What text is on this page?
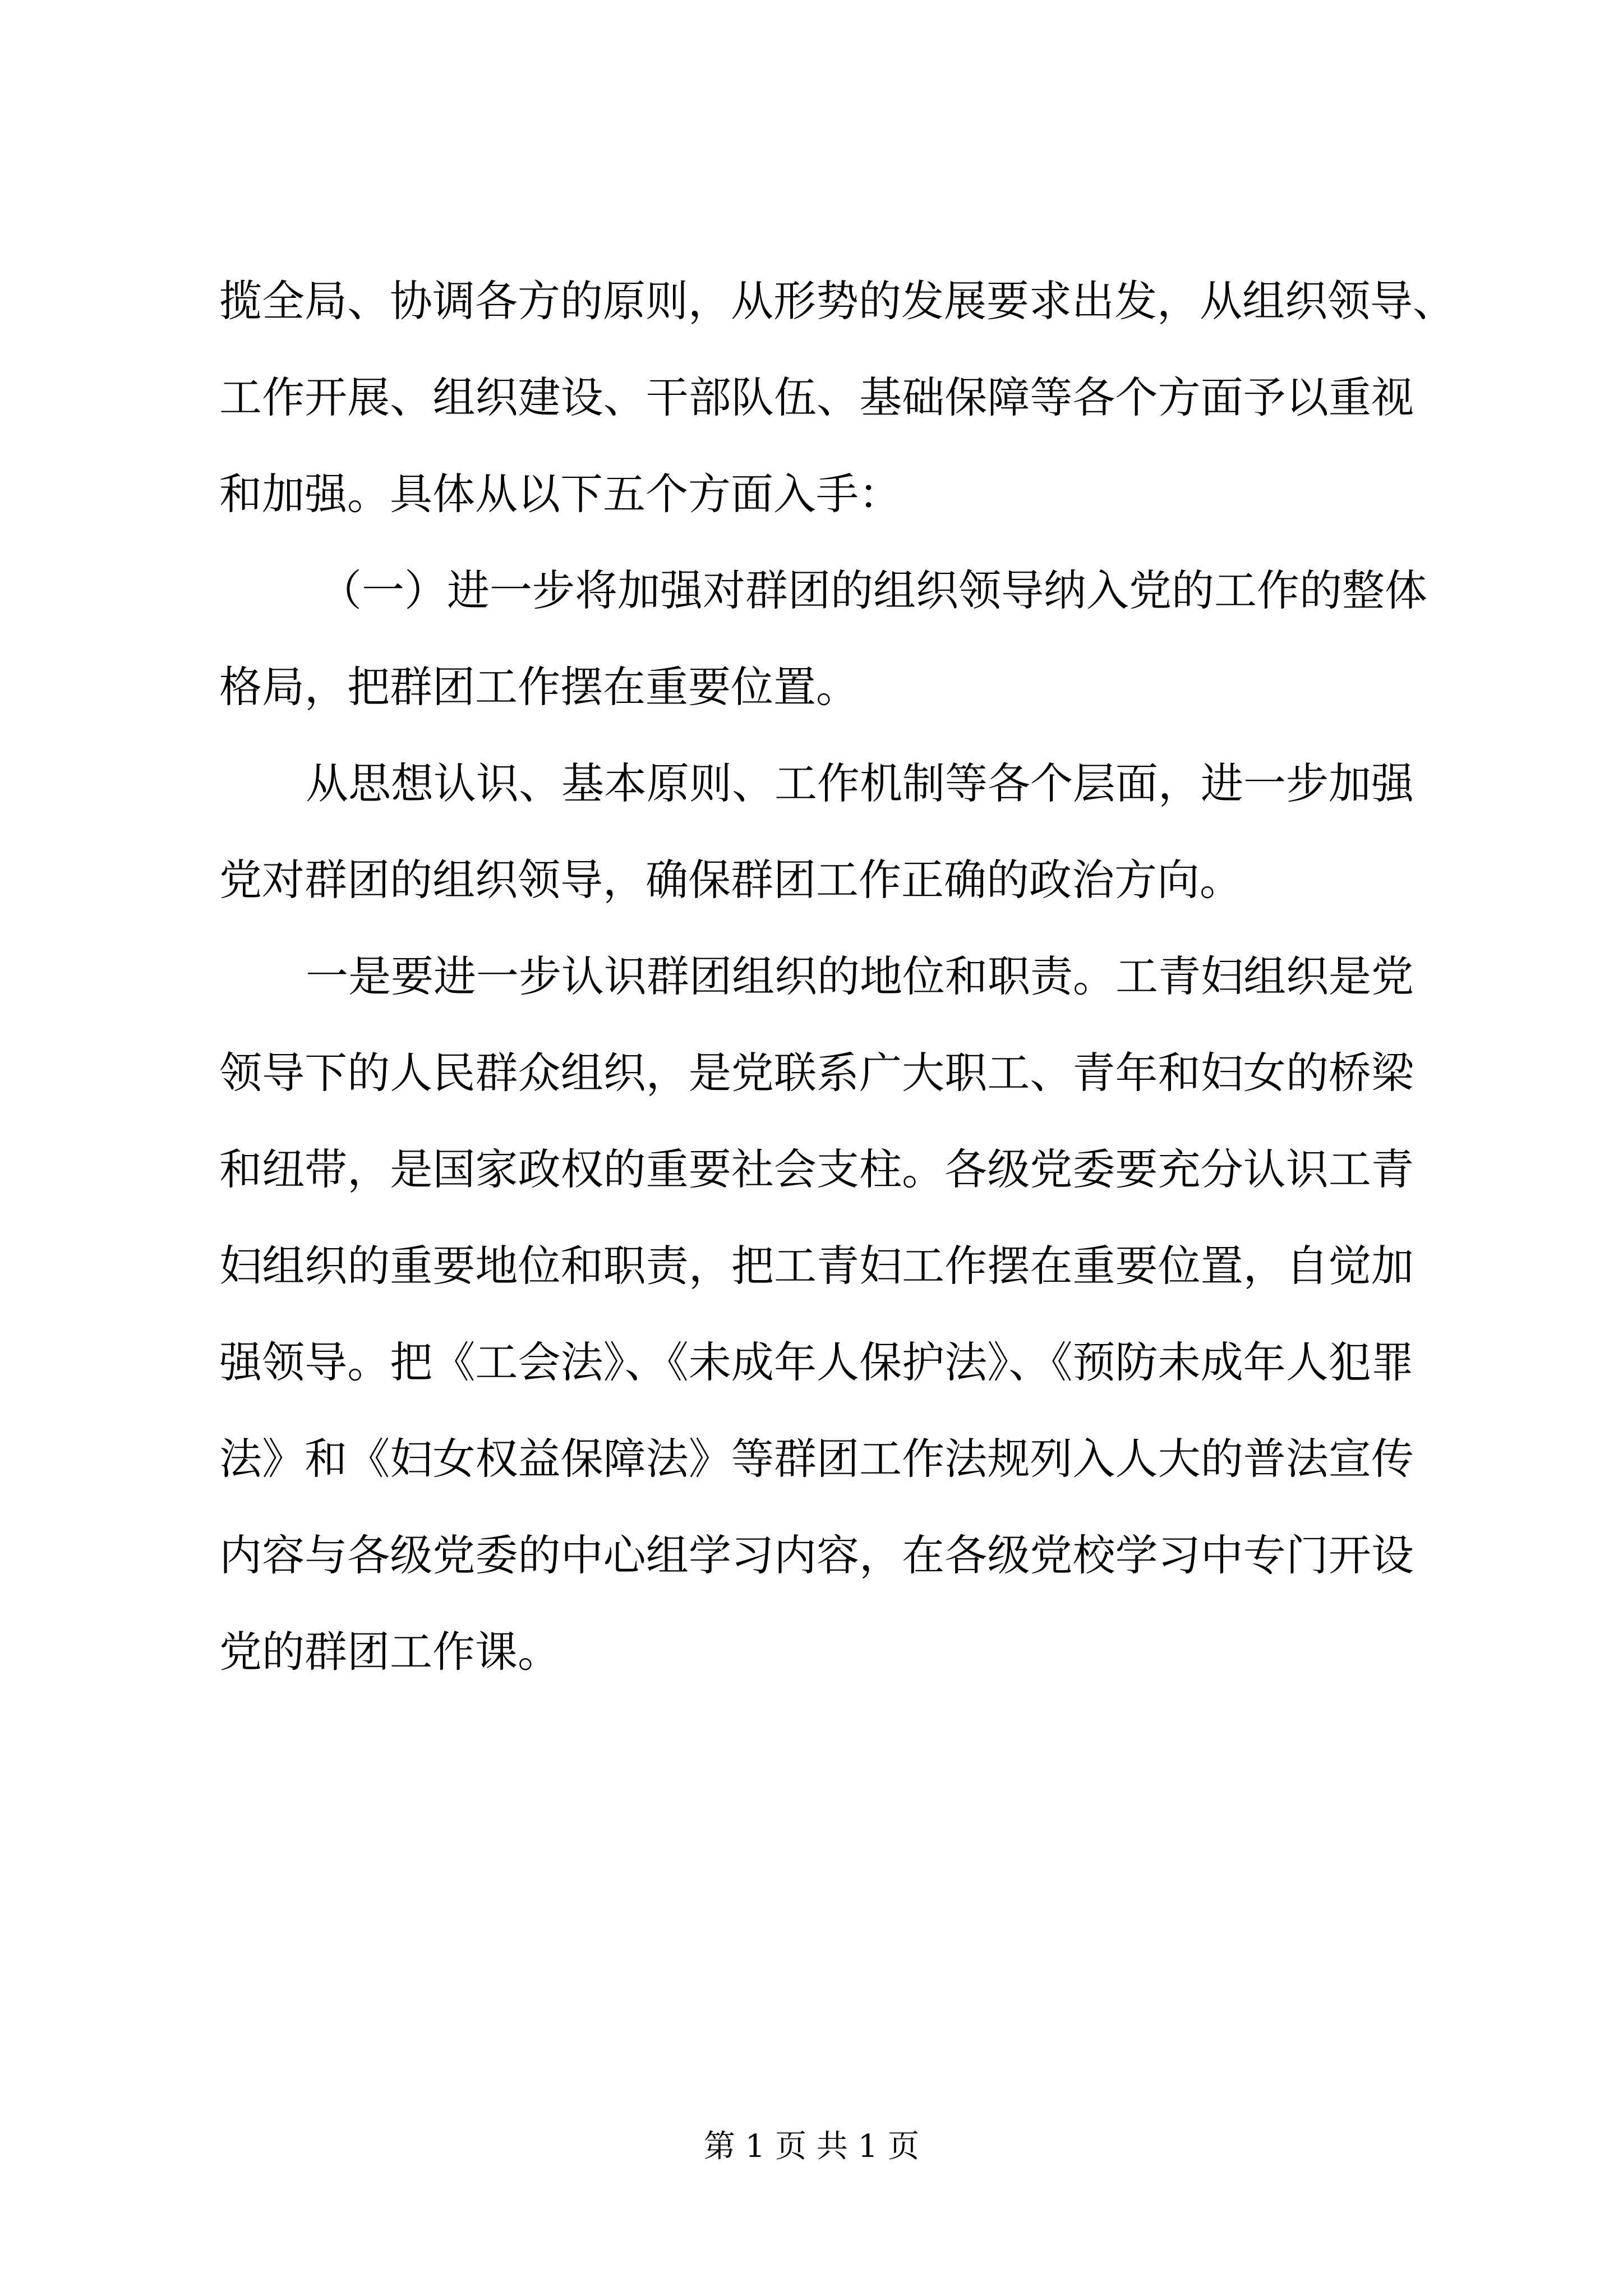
揽全局、协调各方的原则，从形势的发展要求出发，从组织领导、
工作开展、组织建设、干部队伍、基础保障等各个方面予以重视
和加强。具体从以下五个方面入手：
（一）进一步将加强对群团的组织领导纳入党的工作的整体
格局，把群团工作摆在重要位置。
从思想认识、基本原则、工作机制等各个层面，进一步加强
党对群团的组织领导，确保群团工作正确的政治方向。
一是要进一步认识群团组织的地位和职责。工青妇组织是党
领导下的人民群众组织，是党联系广大职工、青年和妇女的桥梁
和纽带，是国家政权的重要社会支柱。各级党委要充分认识工青
妇组织的重要地位和职责，把工青妇工作摆在重要位置，自觉加
强领导。把《工会法》、《未成年人保护法》、《预防未成年人犯罪
法》和《妇女权益保障法》等群团工作法规列入人大的普法宣传
内容与各级党委的中心组学习内容，在各级党校学习中专门开设
党的群团工作课。
第 1 页 共 1 页
